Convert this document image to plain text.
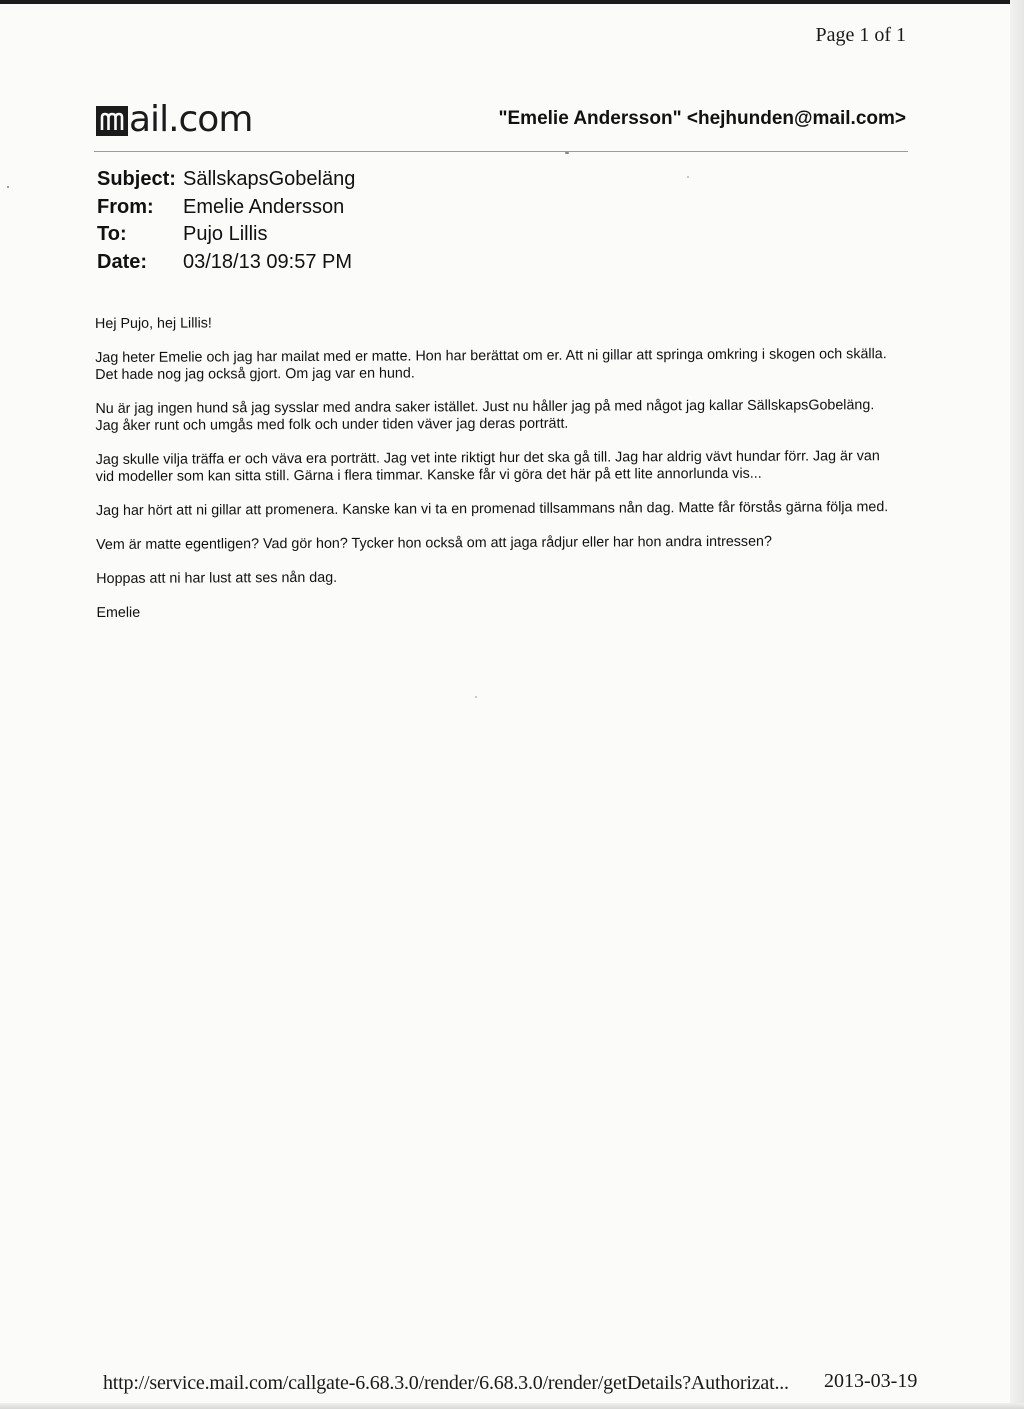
Page 1 of 1
ail.com	"Emelie Andersson" <hejhunden@mail.com>
Subject: SällskapsGobeläng
From:	Emelie Andersson
To:	Pujo Lillis
Date:	03/18/13 09:57 PM

Hej Pujo, hej Lillis!

Jag heter Emelie och jag har mailat med er matte. Hon har berättat om er. Att ni gillar att springa omkring i skogen och skälla. Det hade nog jag också gjort. Om jag var en hund.

Nu är jag ingen hund så jag sysslar med andra saker istället. Just nu håller jag på med något jag kallar SällskapsGobeläng. Jag åker runt och umgås med folk och under tiden väver jag deras porträtt.

Jag skulle vilja träffa er och väva era porträtt. Jag vet inte riktigt hur det ska gå till. Jag har aldrig vävt hundar förr. Jag är van vid modeller som kan sitta still. Gärna i flera timmar. Kanske får vi göra det här på ett lite annorlunda vis...

Jag har hört att ni gillar att promenera. Kanske kan vi ta en promenad tillsammans nån dag. Matte får förstås gärna följa med.

Vem är matte egentligen? Vad gör hon? Tycker hon också om att jaga rådjur eller har hon andra intressen?

Hoppas att ni har lust att ses nån dag.

Emelie

http://service.mail.com/callgate-6.68.3.0/render/6.68.3.0/render/getDetails?Authorizat... 2013-03-19
